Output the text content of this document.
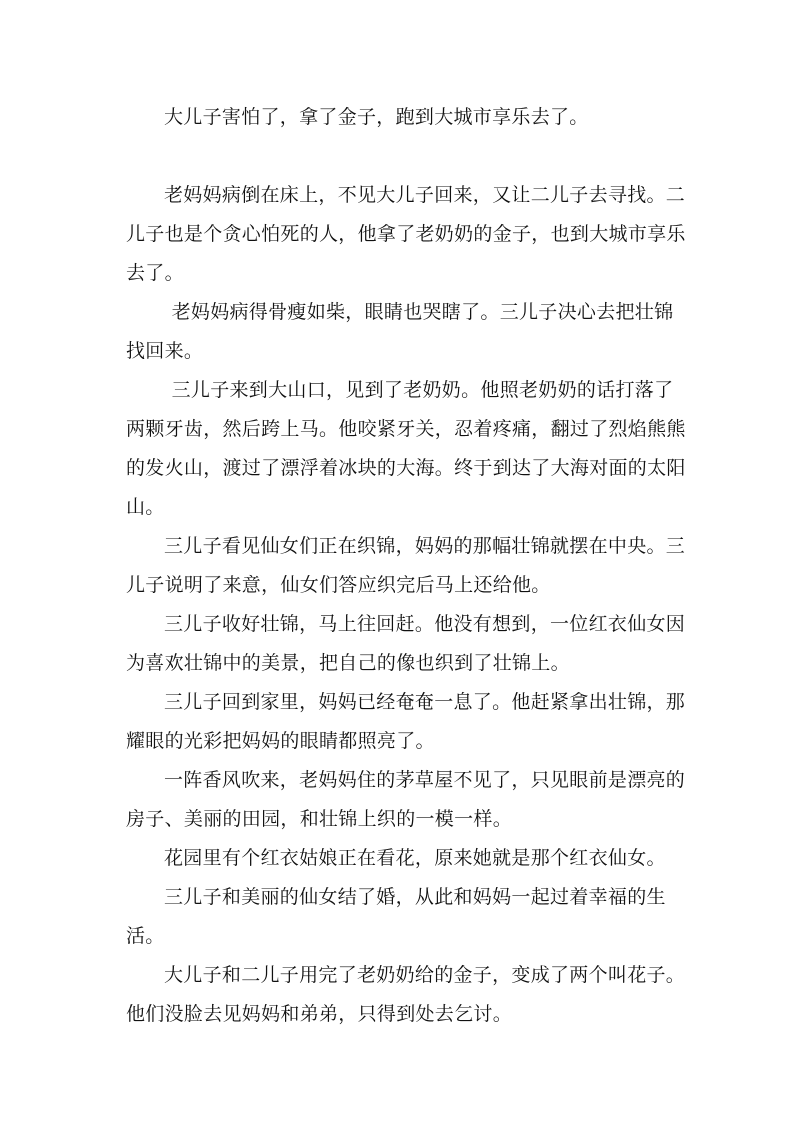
大儿子害怕了，拿了金子，跑到大城市享乐去了。

老妈妈病倒在床上，不见大儿子回来，又让二儿子去寻找。二儿子也是个贪心怕死的人，他拿了老奶奶的金子，也到大城市享乐去了。

老妈妈病得骨瘦如柴，眼睛也哭瞎了。三儿子决心去把壮锦找回来。

三儿子来到大山口，见到了老奶奶。他照老奶奶的话打落了两颗牙齿，然后跨上马。他咬紧牙关，忍着疼痛，翻过了烈焰熊熊的发火山，渡过了漂浮着冰块的大海。终于到达了大海对面的太阳山。

三儿子看见仙女们正在织锦，妈妈的那幅壮锦就摆在中央。三儿子说明了来意，仙女们答应织完后马上还给他。

三儿子收好壮锦，马上往回赶。他没有想到，一位红衣仙女因为喜欢壮锦中的美景，把自己的像也织到了壮锦上。

三儿子回到家里，妈妈已经奄奄一息了。他赶紧拿出壮锦，那耀眼的光彩把妈妈的眼睛都照亮了。

一阵香风吹来，老妈妈住的茅草屋不见了，只见眼前是漂亮的房子、美丽的田园，和壮锦上织的一模一样。

花园里有个红衣姑娘正在看花，原来她就是那个红衣仙女。

三儿子和美丽的仙女结了婚，从此和妈妈一起过着幸福的生活。

大儿子和二儿子用完了老奶奶给的金子，变成了两个叫花子。他们没脸去见妈妈和弟弟，只得到处去乞讨。
